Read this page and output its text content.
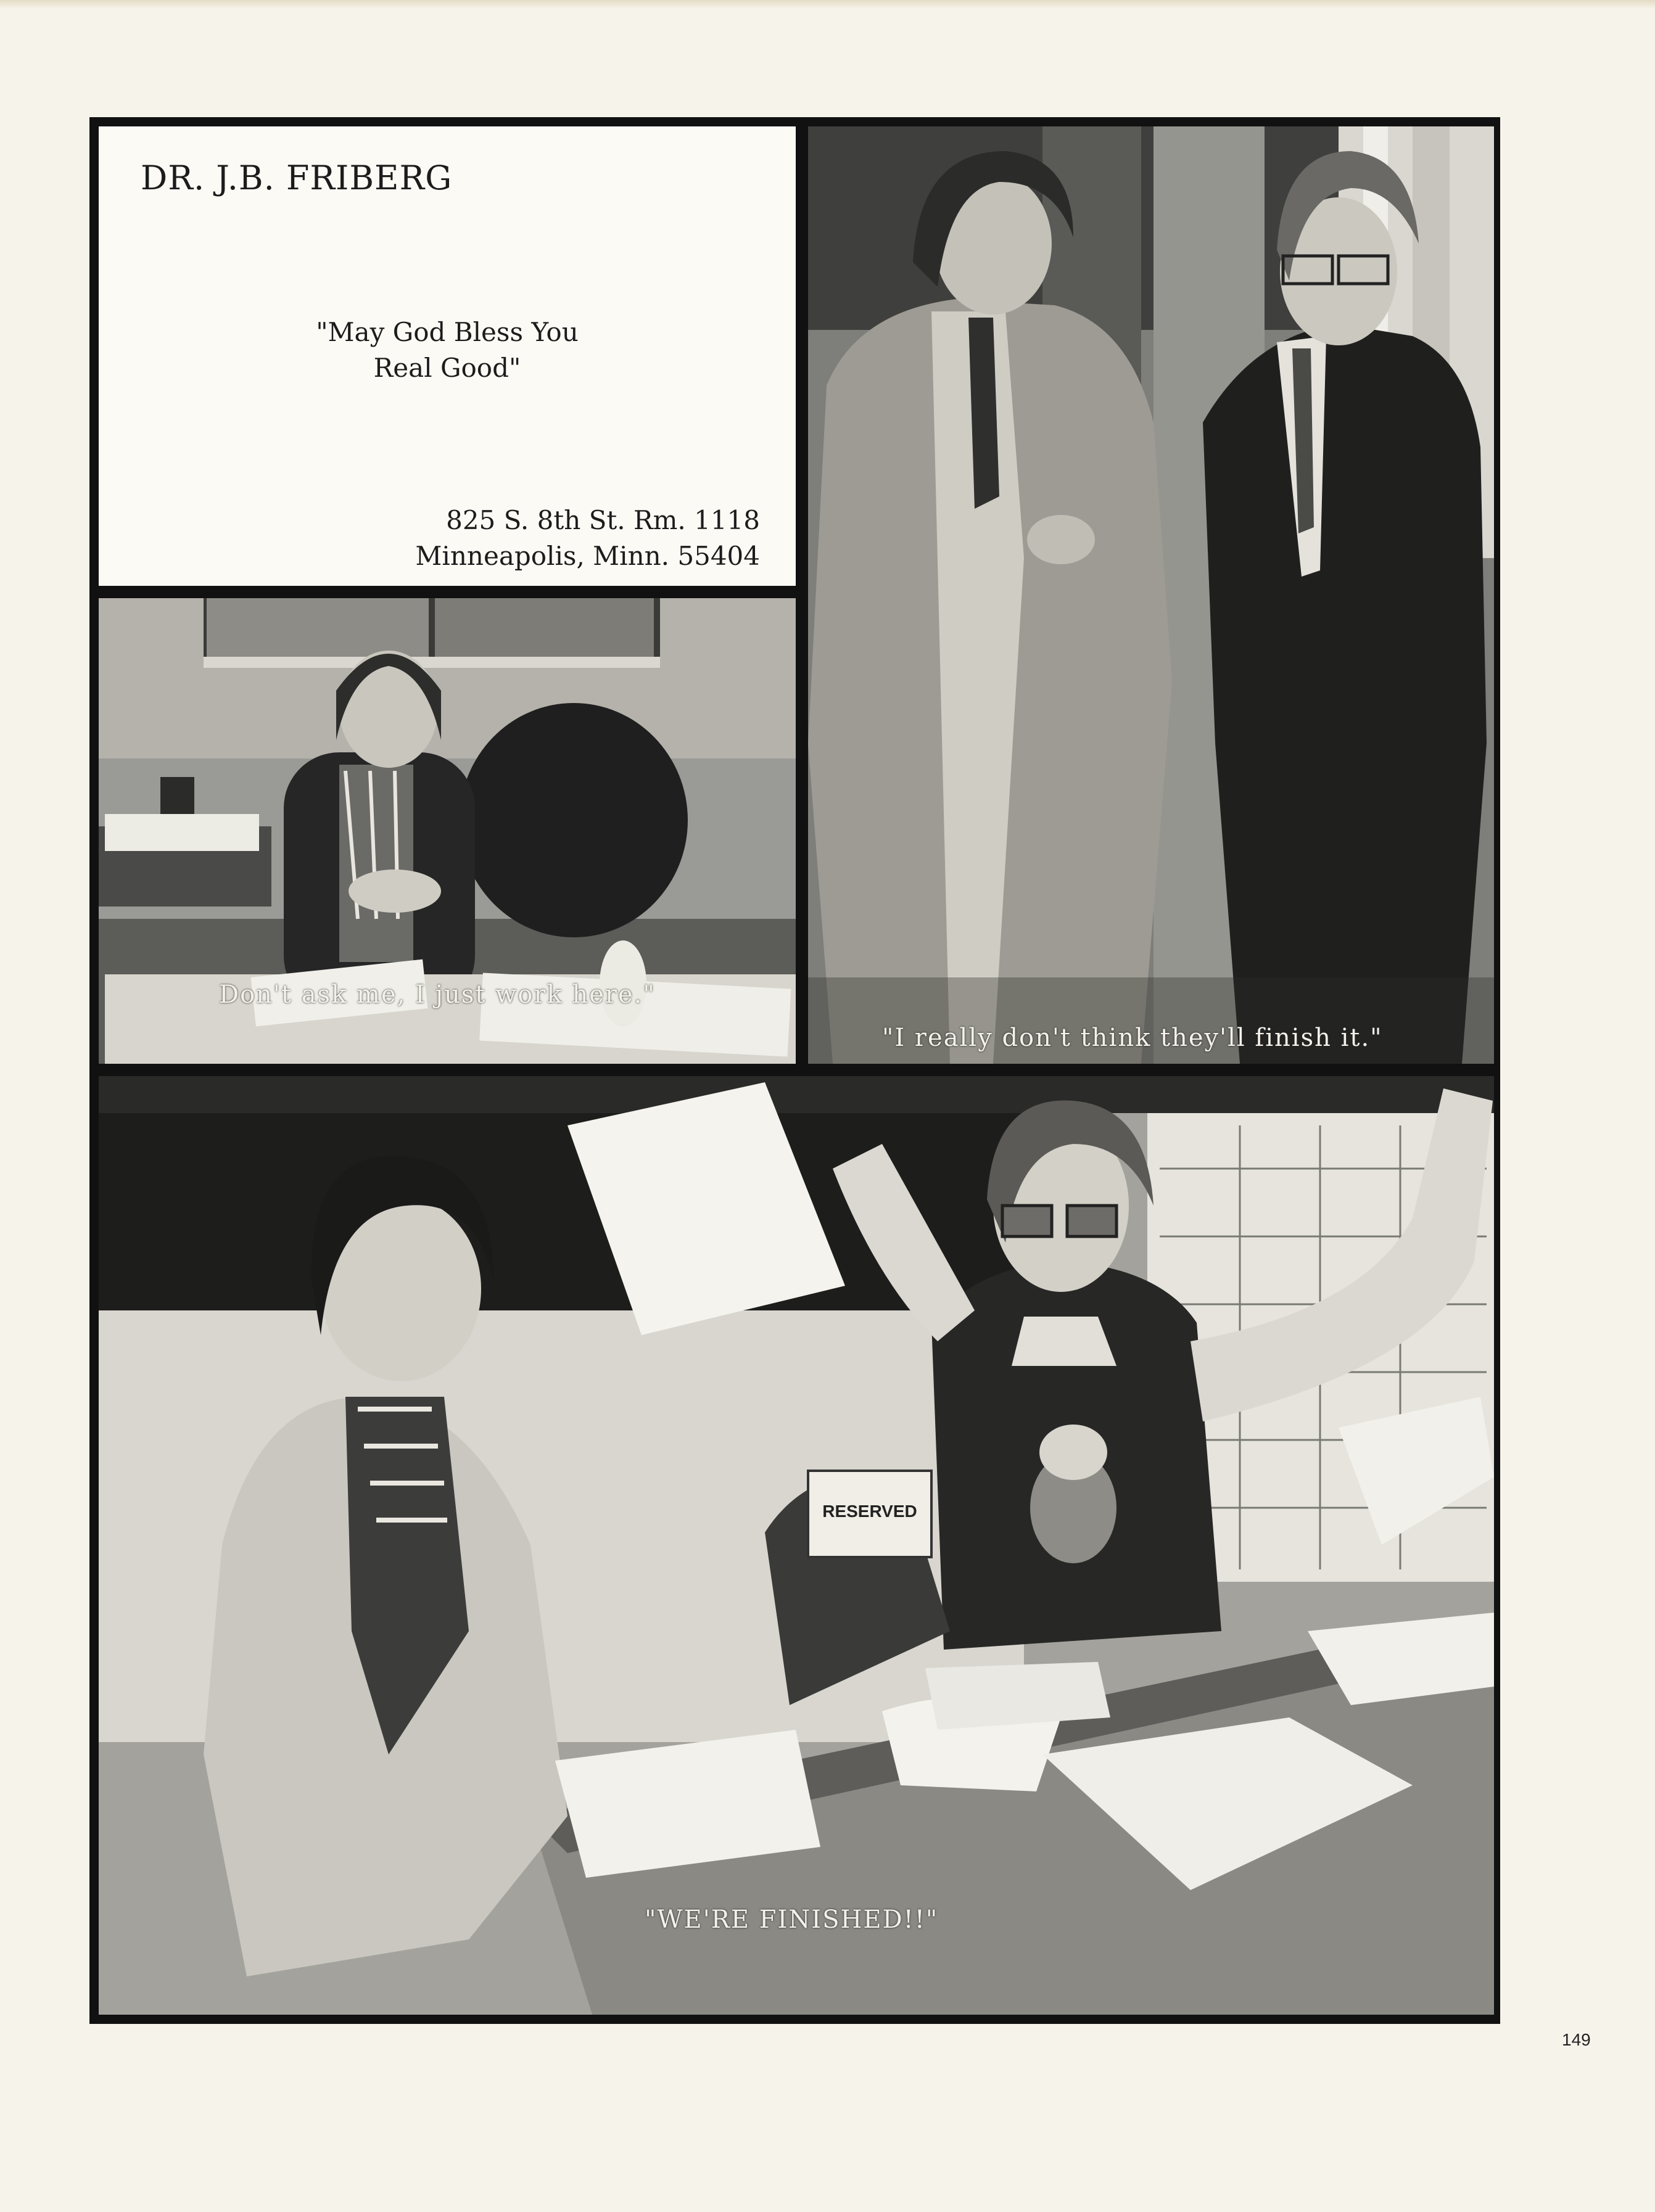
DR. J.B. FRIBERG
"May God Bless You
Real Good"
825 S. 8th St. Rm. 1118
Minneapolis, Minn. 55404
Don't ask me, I just work here."
"I really don't think they'll finish it."
RESERVED
"WE'RE FINISHED!!"
149
